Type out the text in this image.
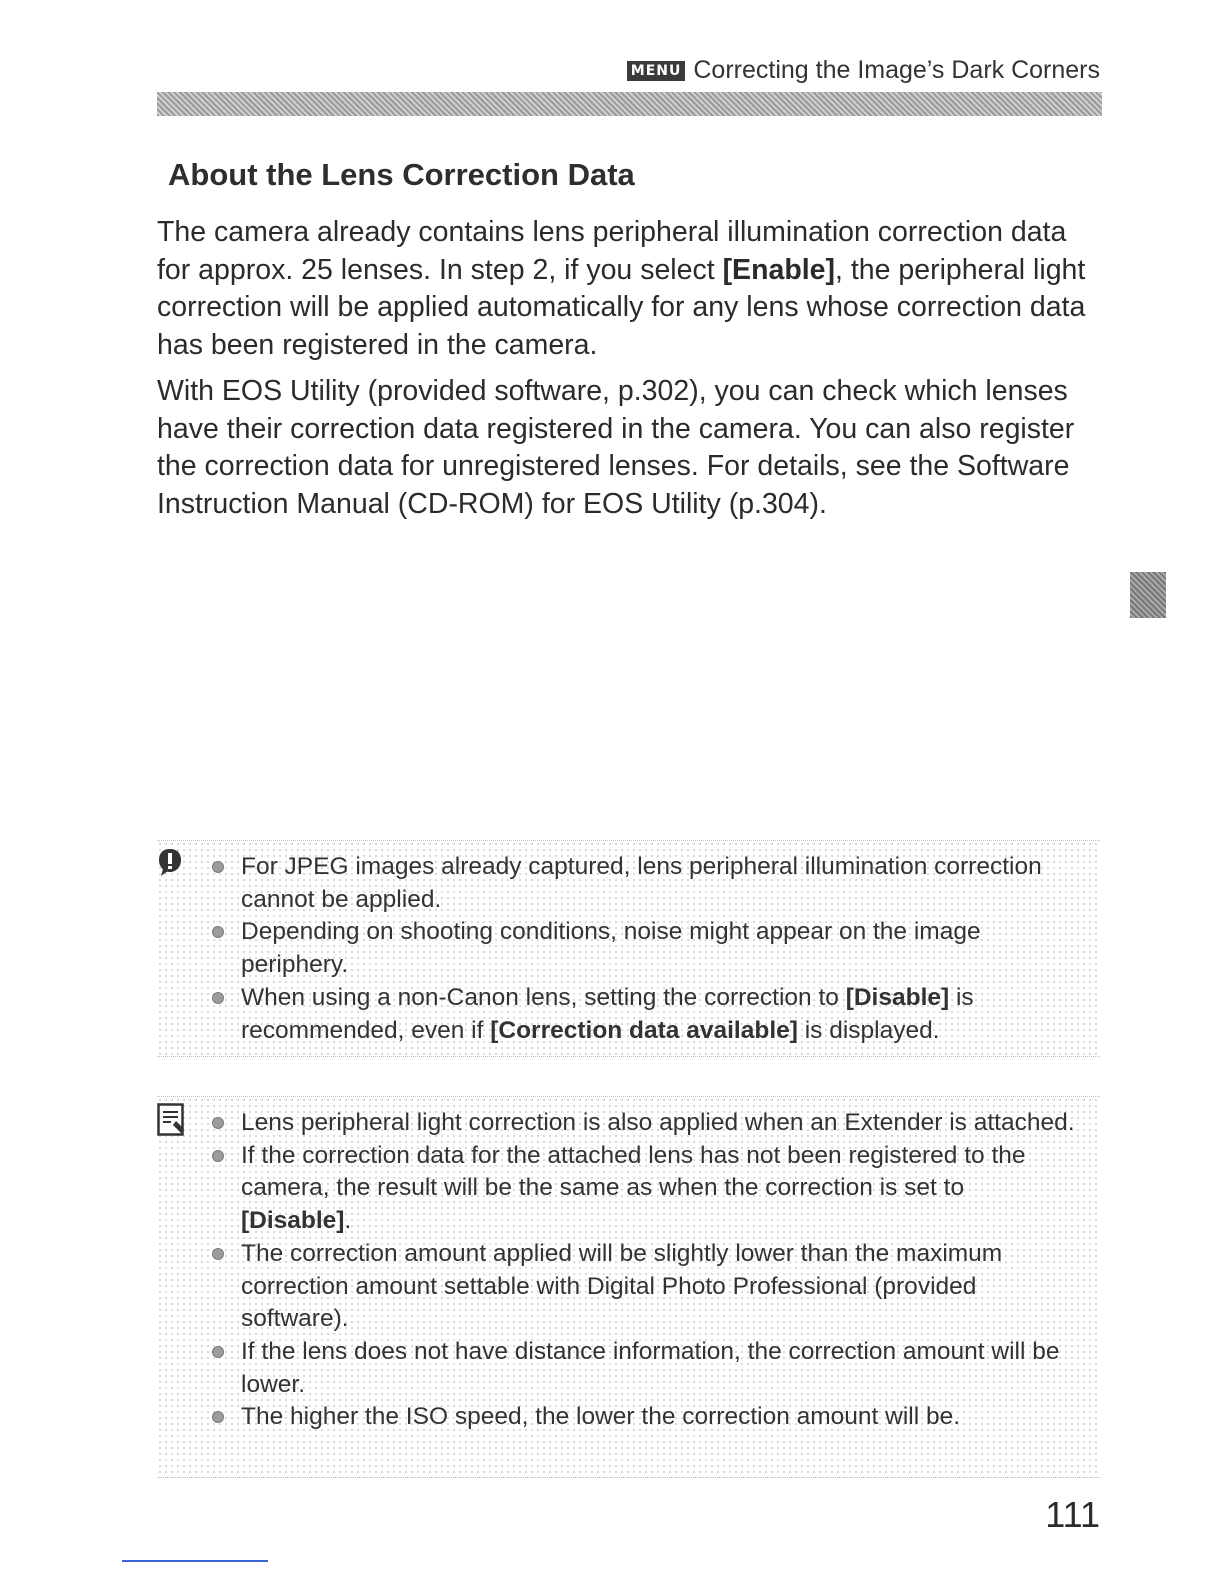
MENU Correcting the Image’s Dark Corners
About the Lens Correction Data

The camera already contains lens peripheral illumination correction data for approx. 25 lenses. In step 2, if you select [Enable], the peripheral light correction will be applied automatically for any lens whose correction data has been registered in the camera.

With EOS Utility (provided software, p.302), you can check which lenses have their correction data registered in the camera. You can also register the correction data for unregistered lenses. For details, see the Software Instruction Manual (CD-ROM) for EOS Utility (p.304).

For JPEG images already captured, lens peripheral illumination correction cannot be applied.
Depending on shooting conditions, noise might appear on the image periphery.
When using a non-Canon lens, setting the correction to [Disable] is recommended, even if [Correction data available] is displayed.
Lens peripheral light correction is also applied when an Extender is attached.
If the correction data for the attached lens has not been registered to the camera, the result will be the same as when the correction is set to [Disable].
The correction amount applied will be slightly lower than the maximum correction amount settable with Digital Photo Professional (provided software).
If the lens does not have distance information, the correction amount will be lower.
The higher the ISO speed, the lower the correction amount will be.
111
